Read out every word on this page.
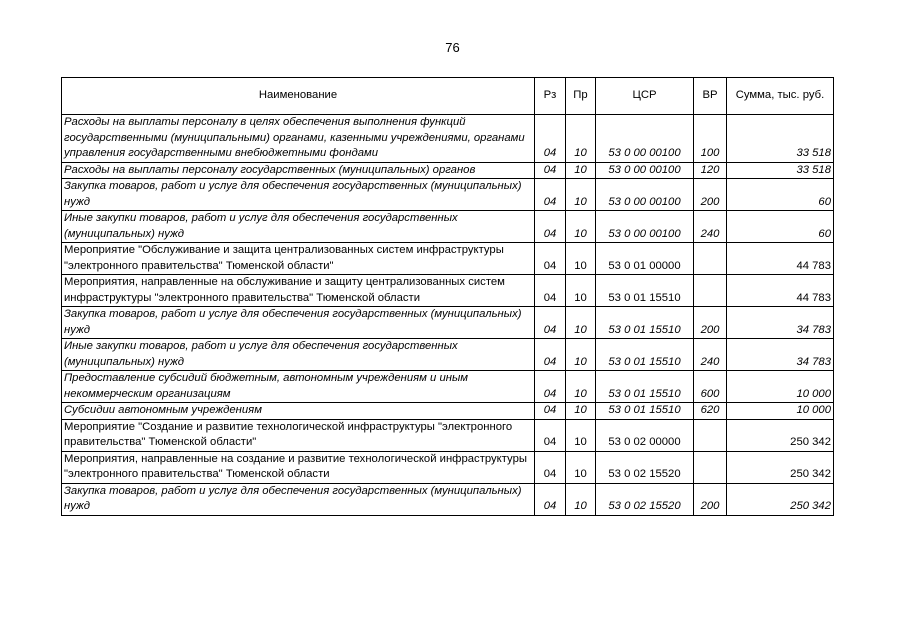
76
Наименование	Рз	Пр	ЦСР	ВР	Сумма, тыс. руб.
Расходы на выплаты персоналу в целях обеспечения выполнения функций государственными (муниципальными) органами, казенными учреждениями, органами управления государственными внебюджетными фондами	04	10	53 0 00 00100	100	33 518
Расходы на выплаты персоналу государственных (муниципальных) органов	04	10	53 0 00 00100	120	33 518
Закупка товаров, работ и услуг для обеспечения государственных (муниципальных) нужд	04	10	53 0 00 00100	200	60
Иные закупки товаров, работ и услуг для обеспечения государственных (муниципальных) нужд	04	10	53 0 00 00100	240	60
Мероприятие "Обслуживание и защита централизованных систем инфраструктуры "электронного правительства" Тюменской области"	04	10	53 0 01 00000		44 783
Мероприятия, направленные на обслуживание и защиту централизованных систем инфраструктуры "электронного правительства" Тюменской области	04	10	53 0 01 15510		44 783
Закупка товаров, работ и услуг для обеспечения государственных (муниципальных) нужд	04	10	53 0 01 15510	200	34 783
Иные закупки товаров, работ и услуг для обеспечения государственных (муниципальных) нужд	04	10	53 0 01 15510	240	34 783
Предоставление субсидий бюджетным, автономным учреждениям и иным некоммерческим организациям	04	10	53 0 01 15510	600	10 000
Субсидии автономным учреждениям	04	10	53 0 01 15510	620	10 000
Мероприятие "Создание и развитие технологической инфраструктуры "электронного правительства" Тюменской области"	04	10	53 0 02 00000		250 342
Мероприятия, направленные на создание и развитие технологической инфраструктуры "электронного правительства" Тюменской области	04	10	53 0 02 15520		250 342
Закупка товаров, работ и услуг для обеспечения государственных (муниципальных) нужд	04	10	53 0 02 15520	200	250 342
